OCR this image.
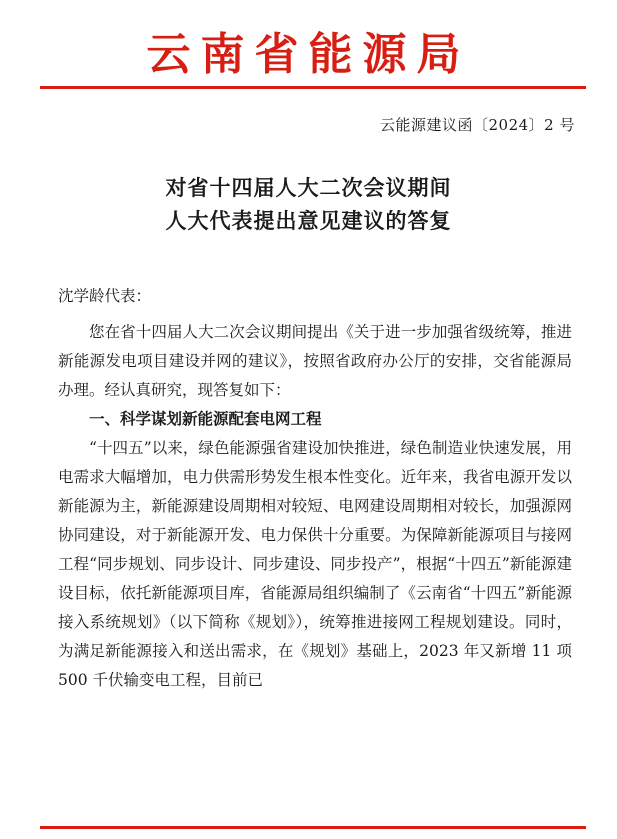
云南省能源局
云能源建议函〔2024〕2 号
对省十四届人大二次会议期间
人大代表提出意见建议的答复
沈学龄代表：

您在省十四届人大二次会议期间提出《关于进一步加强省级统筹，推进新能源发电项目建设并网的建议》，按照省政府办公厅的安排，交省能源局办理。经认真研究，现答复如下：

一、科学谋划新能源配套电网工程

“十四五”以来，绿色能源强省建设加快推进，绿色制造业快速发展，用电需求大幅增加，电力供需形势发生根本性变化。近年来，我省电源开发以新能源为主，新能源建设周期相对较短、电网建设周期相对较长，加强源网协同建设，对于新能源开发、电力保供十分重要。为保障新能源项目与接网工程“同步规划、同步设计、同步建设、同步投产”，根据“十四五”新能源建设目标，依托新能源项目库，省能源局组织编制了《云南省“十四五”新能源接入系统规划》（以下简称《规划》），统筹推进接网工程规划建设。同时，为满足新能源接入和送出需求，在《规划》基础上，2023 年又新增 11 项 500 千伏输变电工程，目前已
